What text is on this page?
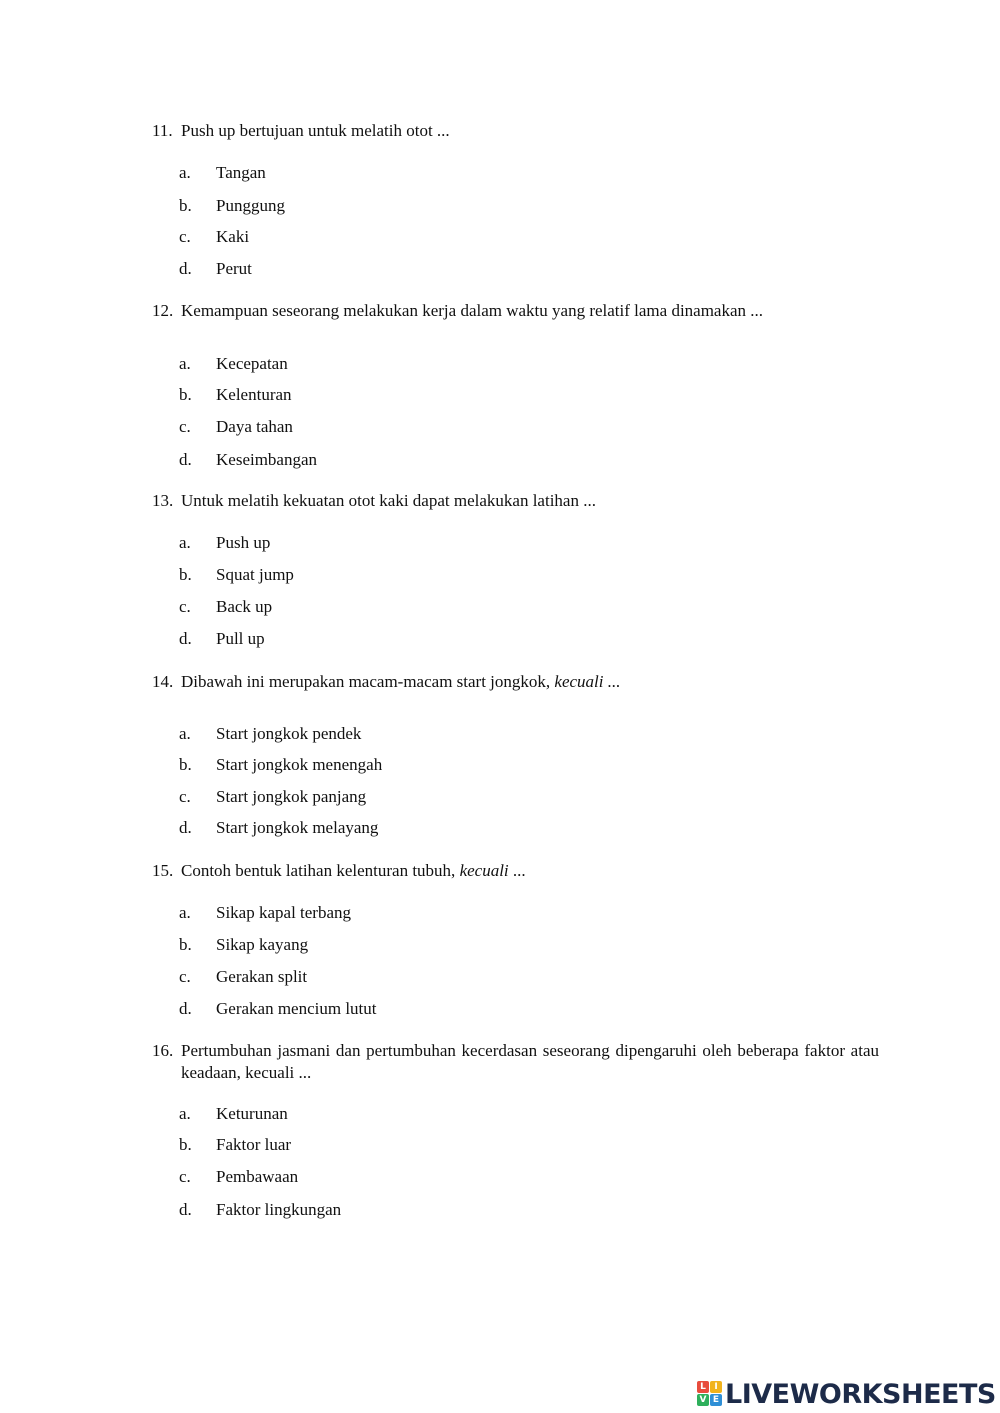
11. Push up bertujuan untuk melatih otot ...
a. Tangan
b. Punggung
c. Kaki
d. Perut
12. Kemampuan seseorang melakukan kerja dalam waktu yang relatif lama dinamakan ...
a. Kecepatan
b. Kelenturan
c. Daya tahan
d. Keseimbangan
13. Untuk melatih kekuatan otot kaki dapat melakukan latihan ...
a. Push up
b. Squat jump
c. Back up
d. Pull up
14. Dibawah ini merupakan macam-macam start jongkok, kecuali ...
a. Start jongkok pendek
b. Start jongkok menengah
c. Start jongkok panjang
d. Start jongkok melayang
15. Contoh bentuk latihan kelenturan tubuh, kecuali ...
a. Sikap kapal terbang
b. Sikap kayang
c. Gerakan split
d. Gerakan mencium lutut
16. Pertumbuhan jasmani dan pertumbuhan kecerdasan seseorang dipengaruhi oleh beberapa faktor atau keadaan, kecuali ...
a. Keturunan
b. Faktor luar
c. Pembawaan
d. Faktor lingkungan
L I
V E LIVEWORKSHEETS
